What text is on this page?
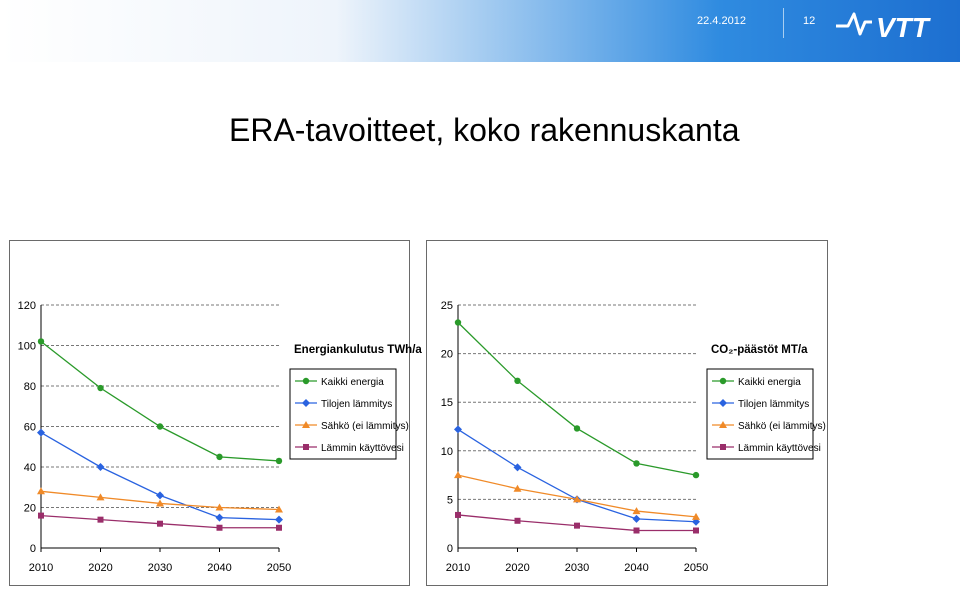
22.4.2012	12 VTT
ERA-tavoitteet, koko rakennuskanta
0
20
40
60
80
100
120
2010	2020	2030	2040	2050
Energiankulutus TWh/a
Kaikki energia
Tilojen lämmitys
Sähkö (ei lämmitys)
Lämmin käyttövesi
0
5
10
15
20
25
2010	2020	2030	2040	2050
CO₂-päästöt MT/a
Kaikki energia
Tilojen lämmitys
Sähkö (ei lämmitys)
Lämmin käyttövesi
